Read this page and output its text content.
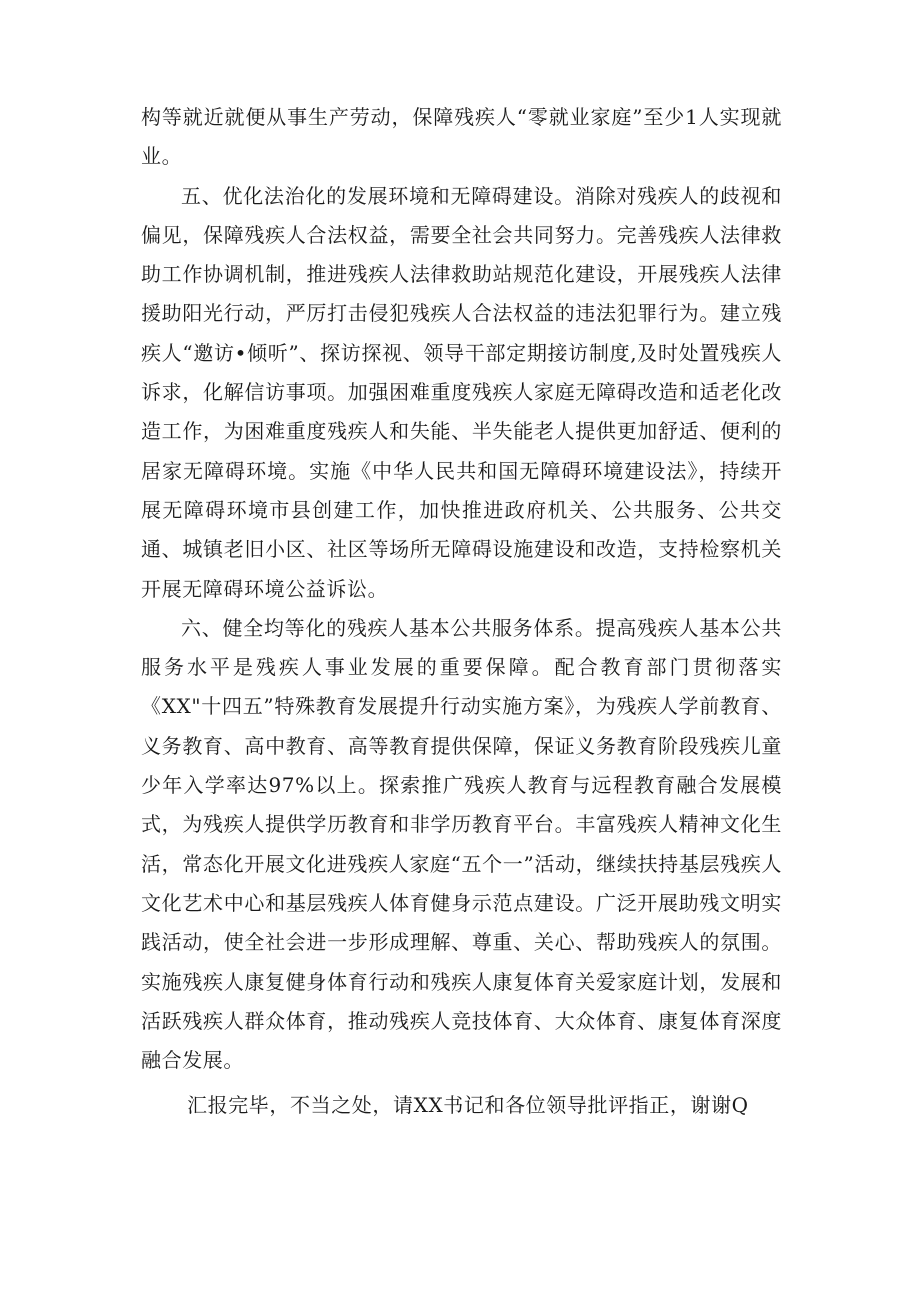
构等就近就便从事生产劳动，保障残疾人“零就业家庭”至少1人实现就业。

五、优化法治化的发展环境和无障碍建设。消除对残疾人的歧视和偏见，保障残疾人合法权益，需要全社会共同努力。完善残疾人法律救助工作协调机制，推进残疾人法律救助站规范化建设，开展残疾人法律援助阳光行动，严厉打击侵犯残疾人合法权益的违法犯罪行为。建立残疾人“邀访•倾听”、探访探视、领导干部定期接访制度,及时处置残疾人诉求，化解信访事项。加强困难重度残疾人家庭无障碍改造和适老化改造工作，为困难重度残疾人和失能、半失能老人提供更加舒适、便利的居家无障碍环境。实施《中华人民共和国无障碍环境建设法》，持续开展无障碍环境市县创建工作，加快推进政府机关、公共服务、公共交通、城镇老旧小区、社区等场所无障碍设施建设和改造，支持检察机关开展无障碍环境公益诉讼。

六、健全均等化的残疾人基本公共服务体系。提高残疾人基本公共服务水平是残疾人事业发展的重要保障。配合教育部门贯彻落实《XX"十四五”特殊教育发展提升行动实施方案》，为残疾人学前教育、义务教育、高中教育、高等教育提供保障，保证义务教育阶段残疾儿童少年入学率达97%以上。探索推广残疾人教育与远程教育融合发展模式，为残疾人提供学历教育和非学历教育平台。丰富残疾人精神文化生活，常态化开展文化进残疾人家庭“五个一”活动，继续扶持基层残疾人文化艺术中心和基层残疾人体育健身示范点建设。广泛开展助残文明实践活动，使全社会进一步形成理解、尊重、关心、帮助残疾人的氛围。实施残疾人康复健身体育行动和残疾人康复体育关爱家庭计划，发展和活跃残疾人群众体育，推动残疾人竞技体育、大众体育、康复体育深度融合发展。

汇报完毕，不当之处，请XX书记和各位领导批评指正，谢谢Q
